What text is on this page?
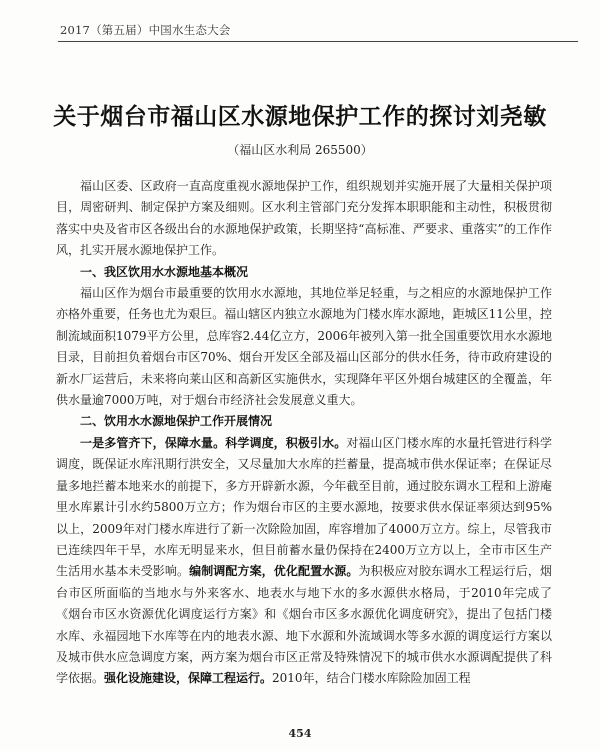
2017（第五届）中国水生态大会
关于烟台市福山区水源地保护工作的探讨刘尧敏
（福山区水利局 265500）

福山区委、区政府一直高度重视水源地保护工作，组织规划并实施开展了大量相关保护项目，周密研判、制定保护方案及细则。区水利主管部门充分发挥本职职能和主动性，积极贯彻落实中央及省市区各级出台的水源地保护政策，长期坚持“高标准、严要求、重落实”的工作作风，扎实开展水源地保护工作。

一、我区饮用水水源地基本概况

福山区作为烟台市最重要的饮用水水源地，其地位举足轻重，与之相应的水源地保护工作亦格外重要，任务也尤为艰巨。福山辖区内独立水源地为门楼水库水源地，距城区11公里，控制流域面积1079平方公里，总库容2.44亿立方，2006年被列入第一批全国重要饮用水水源地目录，目前担负着烟台市区70%、烟台开发区全部及福山区部分的供水任务，待市政府建设的新水厂运营后，未来将向莱山区和高新区实施供水，实现降年平区外烟台城建区的全覆盖，年供水量逾7000万吨，对于烟台市经济社会发展意义重大。

二、饮用水水源地保护工作开展情况

一是多管齐下，保障水量。科学调度，积极引水。对福山区门楼水库的水量托管进行科学调度，既保证水库汛期行洪安全，又尽量加大水库的拦蓄量，提高城市供水保证率；在保证尽量多地拦蓄本地来水的前提下，多方开辟新水源，今年截至目前，通过胶东调水工程和上游庵里水库累计引水约5800万立方；作为烟台市区的主要水源地，按要求供水保证率须达到95%以上，2009年对门楼水库进行了新一次除险加固，库容增加了4000万立方。综上，尽管我市已连续四年干旱，水库无明显来水，但目前蓄水量仍保持在2400万立方以上，全市市区生产生活用水基本未受影响。编制调配方案，优化配置水源。为积极应对胶东调水工程运行后，烟台市区所面临的当地水与外来客水、地表水与地下水的多水源供水格局，于2010年完成了《烟台市区水资源优化调度运行方案》和《烟台市区多水源优化调度研究》，提出了包括门楼水库、永福园地下水库等在内的地表水源、地下水源和外流域调水等多水源的调度运行方案以及城市供水应急调度方案，两方案为烟台市区正常及特殊情况下的城市供水水源调配提供了科学依据。强化设施建设，保障工程运行。2010年，结合门楼水库除险加固工程

454
